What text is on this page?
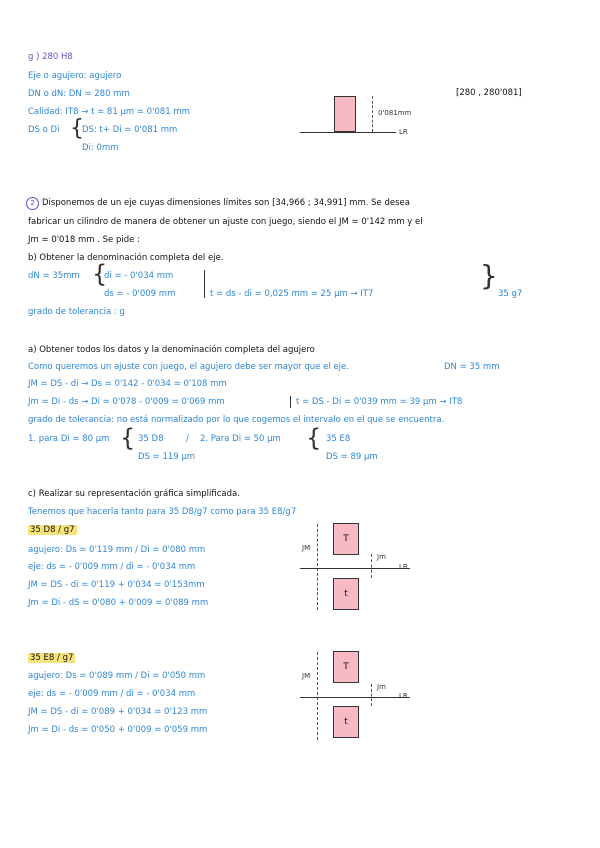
g ) 280 H8
Eje o agujero: agujero
DN o dN: DN = 280 mm
Calidad: IT8 → t = 81 µm = 0'081 mm
DS o Di {
DS: t+ Di = 0'081 mm
Di: 0mm
[280 , 280'081]
0'081mm
LR
2 Disponemos de un eje cuyas dimensiones límites son [34,966 ; 34,991] mm. Se desea
fabricar un cilindro de manera de obtener un ajuste con juego, siendo el JM = 0'142 mm y el
Jm = 0'018 mm . Se pide :
b) Obtener la denominación completa del eje.
dN = 35mm {
di = - 0'034 mm
ds = - 0'009 mm	t = ds - di = 0,025 mm = 25 µm → IT7
}
35 g7
grado de tolerancia : g
a) Obtener todos los datos y la denominación completa del agujero
Como queremos un ajuste con juego, el agujero debe ser mayor que el eje.	DN = 35 mm
JM = DS - di → Ds = 0'142 - 0'034 = 0'108 mm
Jm = Di - ds → Di = 0'078 - 0'009 = 0'069 mm	t = DS - Di = 0'039 mm = 39 µm → IT8
grado de tolerancia: no está normalizado por lo que cogemos el intervalo en el que se encuentra.
1. para Di = 80 µm { 35 D8
DS = 119 µm
/ 2. Para Di = 50 µm { 35 E8
DS = 89 µm
c) Realizar su representación gráfica simplificada.
Tenemos que hacerla tanto para 35 D8/g7 como para 35 E8/g7
35 D8 / g7
agujero: Ds = 0'119 mm / Di = 0'080 mm
eje: ds = - 0'009 mm / di = - 0'034 mm
JM = DS - di = 0'119 + 0'034 = 0'153mm
Jm = Di - dS = 0'080 + 0'009 = 0'089 mm
JM
T
Jm
LR
t
35 E8 / g7
agujero: Ds = 0'089 mm / Di = 0'050 mm
eje: ds = - 0'009 mm / di = - 0'034 mm
JM = DS - di = 0'089 + 0'034 = 0'123 mm
Jm = Di - ds = 0'050 + 0'009 = 0'059 mm
JM
T
Jm
LR
t
